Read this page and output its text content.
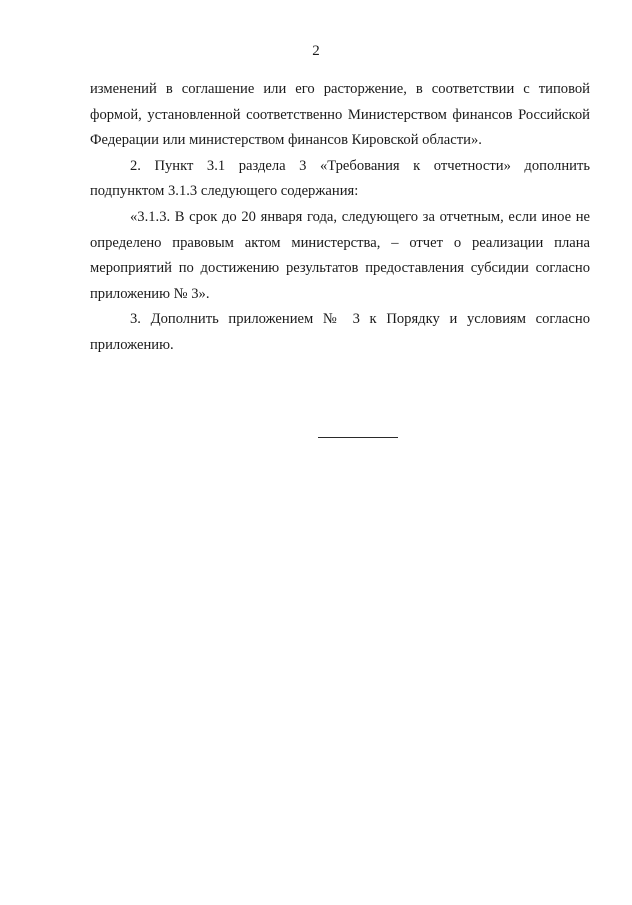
2
изменений в соглашение или его расторжение, в соответствии с типовой
формой, установленной соответственно Министерством финансов Российской
Федерации или министерством финансов Кировской области».
2. Пункт 3.1 раздела 3 «Требования к отчетности» дополнить
подпунктом 3.1.3 следующего содержания:
«3.1.3. В срок до 20 января года, следующего за отчетным, если иное не
определено правовым актом министерства, – отчет о реализации плана
мероприятий по достижению результатов предоставления субсидии согласно
приложению № 3».
3. Дополнить приложением № 3 к Порядку и условиям согласно
приложению.
